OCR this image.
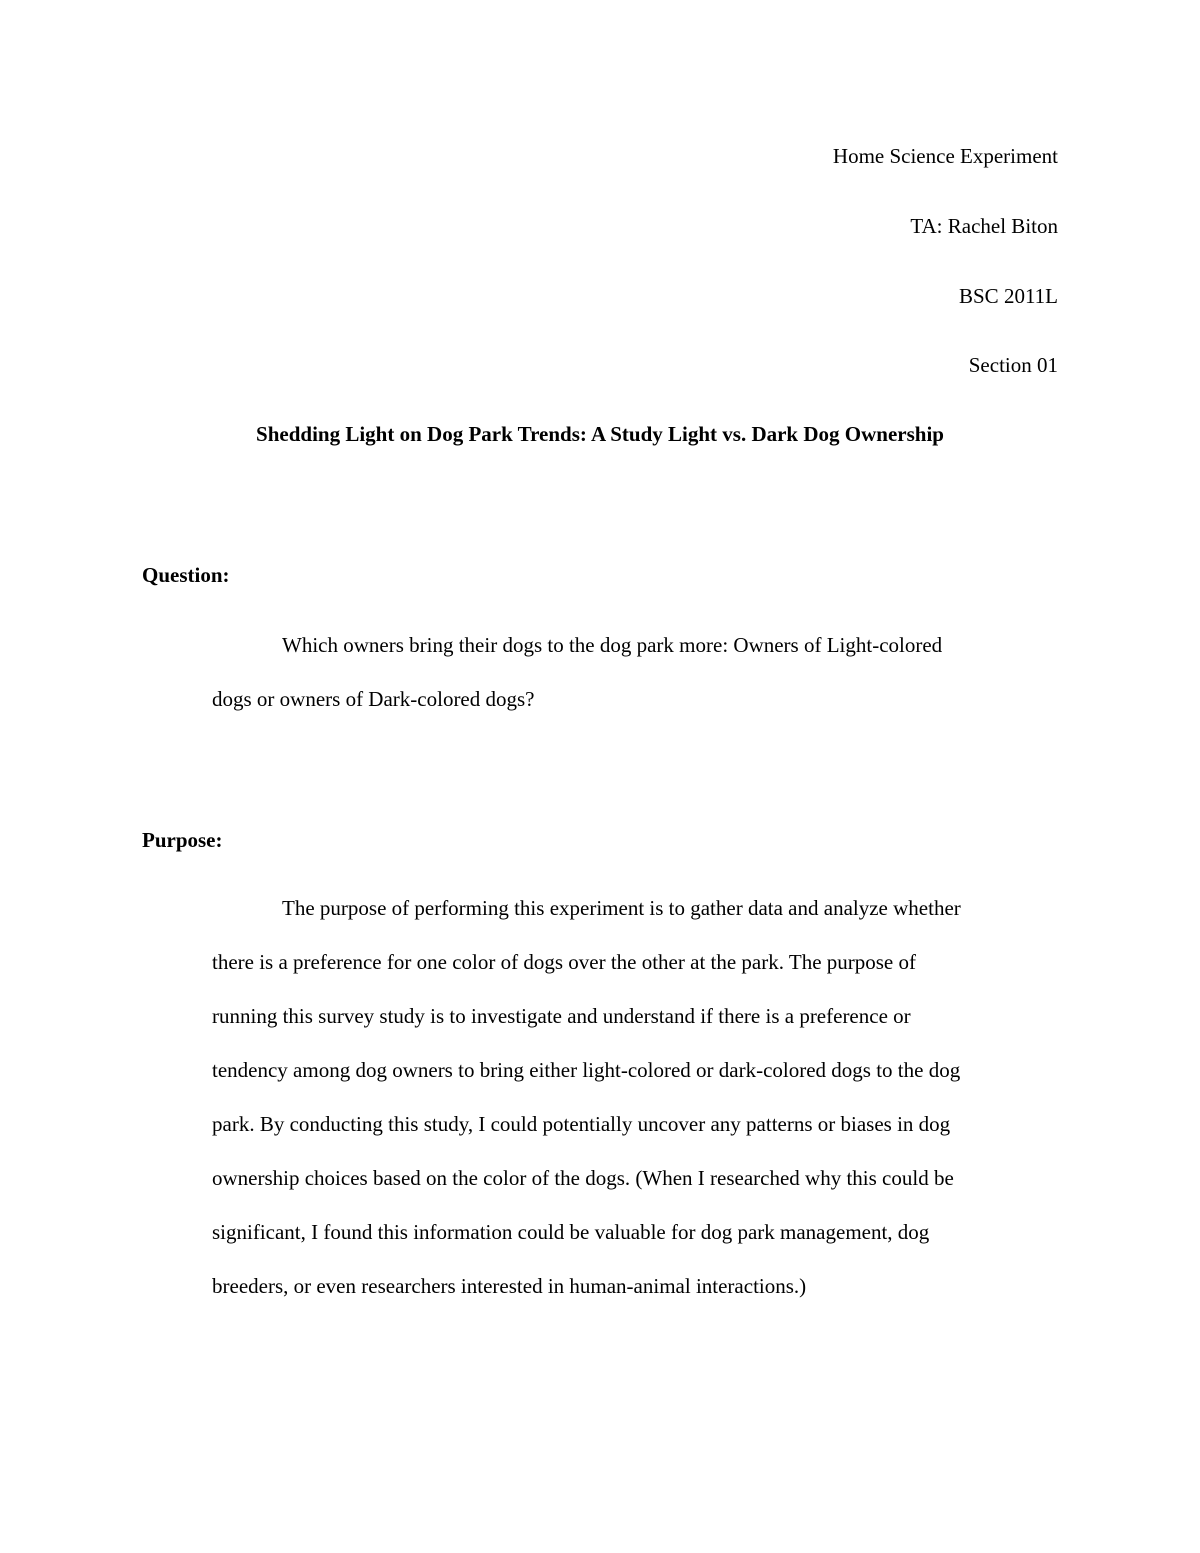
Home Science Experiment
TA: Rachel Biton
BSC 2011L
Section 01
Shedding Light on Dog Park Trends: A Study Light vs. Dark Dog Ownership
Question:
Which owners bring their dogs to the dog park more: Owners of Light-colored
dogs or owners of Dark-colored dogs?
Purpose:
The purpose of performing this experiment is to gather data and analyze whether
there is a preference for one color of dogs over the other at the park. The purpose of
running this survey study is to investigate and understand if there is a preference or
tendency among dog owners to bring either light-colored or dark-colored dogs to the dog
park. By conducting this study, I could potentially uncover any patterns or biases in dog
ownership choices based on the color of the dogs. (When I researched why this could be
significant, I found this information could be valuable for dog park management, dog
breeders, or even researchers interested in human-animal interactions.)
